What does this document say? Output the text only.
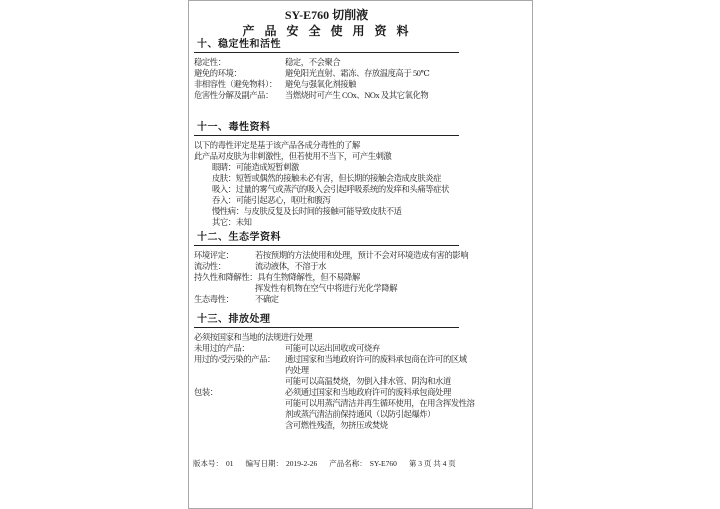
SY-E760 切削液
产 品 安 全 使 用 资 料
十、稳定性和活性
稳定性：	稳定，不会聚合
避免的环境：	避免阳光直射、霜冻、存放温度高于 50℃
非相容性（避免物料）： 避免与强氧化剂接触
危害性分解及副产品：	当燃烧时可产生 COx、NOx 及其它氧化物
十一、毒性资料
以下的毒性评定是基于该产品各成分毒性的了解
此产品对皮肤为非刺激性，但若使用不当下，可产生刺激
眼睛：可能造成短暂刺激
皮肤：短暂或偶然的接触未必有害，但长期的接触会造成皮肤炎症
吸入：过量的雾气或蒸汽的吸入会引起呼吸系统的发痒和头痛等症状
吞入：可能引起恶心，呕吐和腹泻
慢性病：与皮肤反复及长时间的接触可能导致皮肤不适
其它：未知
十二、生态学资料
环境评定：	若按预期的方法使用和处理，预计不会对环境造成有害的影响
流动性：	流动液体，不溶于水
持久性和降解性： 具有生物降解性，但不易降解
挥发性有机物在空气中将进行光化学降解
生态毒性：	不确定
十三、排放处理
必须按国家和当地的法规进行处理
未用过的产品：	可能可以运出回收或可烧弃
用过的/受污染的产品：	通过国家和当地政府许可的废料承包商在许可的区域
内处理
可能可以高温焚烧，勿倒入排水管、阴沟和水道
包装：	必须通过国家和当地政府许可的废料承包商处理
可能可以用蒸汽清洁并再生循环使用，在用含挥发性溶
剂或蒸汽清洁前保持通风（以防引起爆炸）
含可燃性残渣，勿挤压或焚烧
版本号： 01 编写日期： 2019-2-26 产品名称： SY-E760 第 3 页 共 4 页
